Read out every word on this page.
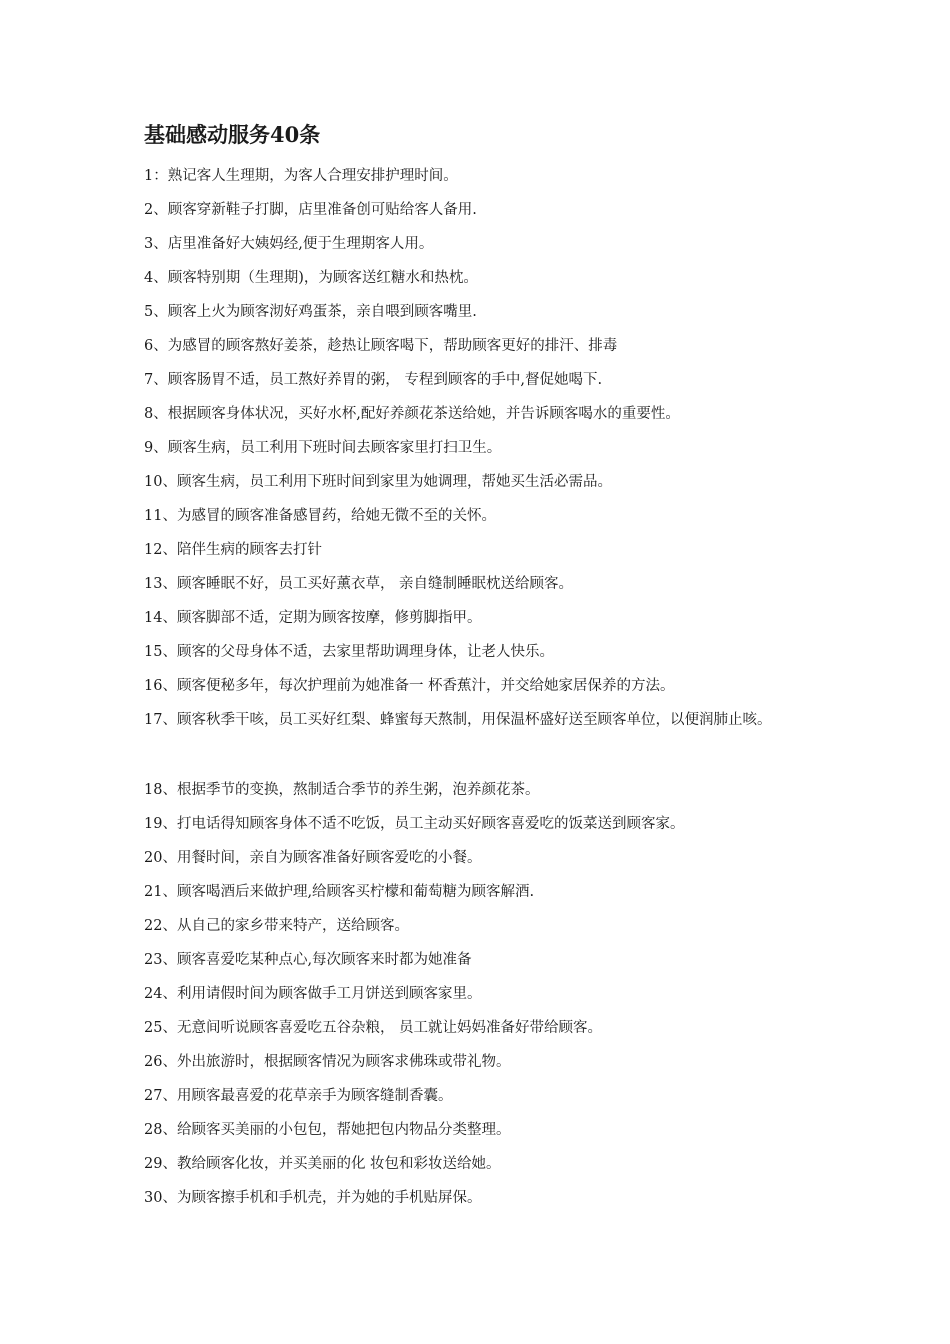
基础感动服务40条
1：熟记客人生理期，为客人合理安排护理时间。
2、顾客穿新鞋子打脚，店里准备创可贴给客人备用.
3、店里准备好大姨妈经,便于生理期客人用。
4、顾客特别期（生理期)，为顾客送红糖水和热枕。
5、顾客上火为顾客沏好鸡蛋茶，亲自喂到顾客嘴里.
6、为感冒的顾客熬好姜茶，趁热让顾客喝下，帮助顾客更好的排汗、排毒
7、顾客肠胃不适，员工熬好养胃的粥， 专程到顾客的手中,督促她喝下.
8、根据顾客身体状况，买好水杯,配好养颜花茶送给她，并告诉顾客喝水的重要性。
9、顾客生病，员工利用下班时间去顾客家里打扫卫生。
10、顾客生病，员工利用下班时间到家里为她调理，帮她买生活必需品。
11、为感冒的顾客准备感冒药，给她无微不至的关怀。
12、陪伴生病的顾客去打针
13、顾客睡眠不好，员工买好薰衣草， 亲自缝制睡眠枕送给顾客。
14、顾客脚部不适，定期为顾客按摩，修剪脚指甲。
15、顾客的父母身体不适，去家里帮助调理身体，让老人快乐。
16、顾客便秘多年，每次护理前为她准备一 杯香蕉汁，并交给她家居保养的方法。
17、顾客秋季干咳，员工买好红梨、蜂蜜每天熬制，用保温杯盛好送至顾客单位，以便润肺止咳。
18、根据季节的变换，熬制适合季节的养生粥，泡养颜花茶。
19、打电话得知顾客身体不适不吃饭，员工主动买好顾客喜爱吃的饭菜送到顾客家。
20、用餐时间，亲自为顾客准备好顾客爱吃的小餐。
21、顾客喝酒后来做护理,给顾客买柠檬和葡萄糖为顾客解酒.
22、从自己的家乡带来特产，送给顾客。
23、顾客喜爱吃某种点心,每次顾客来时都为她准备
24、利用请假时间为顾客做手工月饼送到顾客家里。
25、无意间听说顾客喜爱吃五谷杂粮， 员工就让妈妈准备好带给顾客。
26、外出旅游时，根据顾客情况为顾客求佛珠或带礼物。
27、用顾客最喜爱的花草亲手为顾客缝制香囊。
28、给顾客买美丽的小包包，帮她把包内物品分类整理。
29、教给顾客化妆，并买美丽的化 妆包和彩妆送给她。
30、为顾客擦手机和手机壳，并为她的手机贴屏保。
